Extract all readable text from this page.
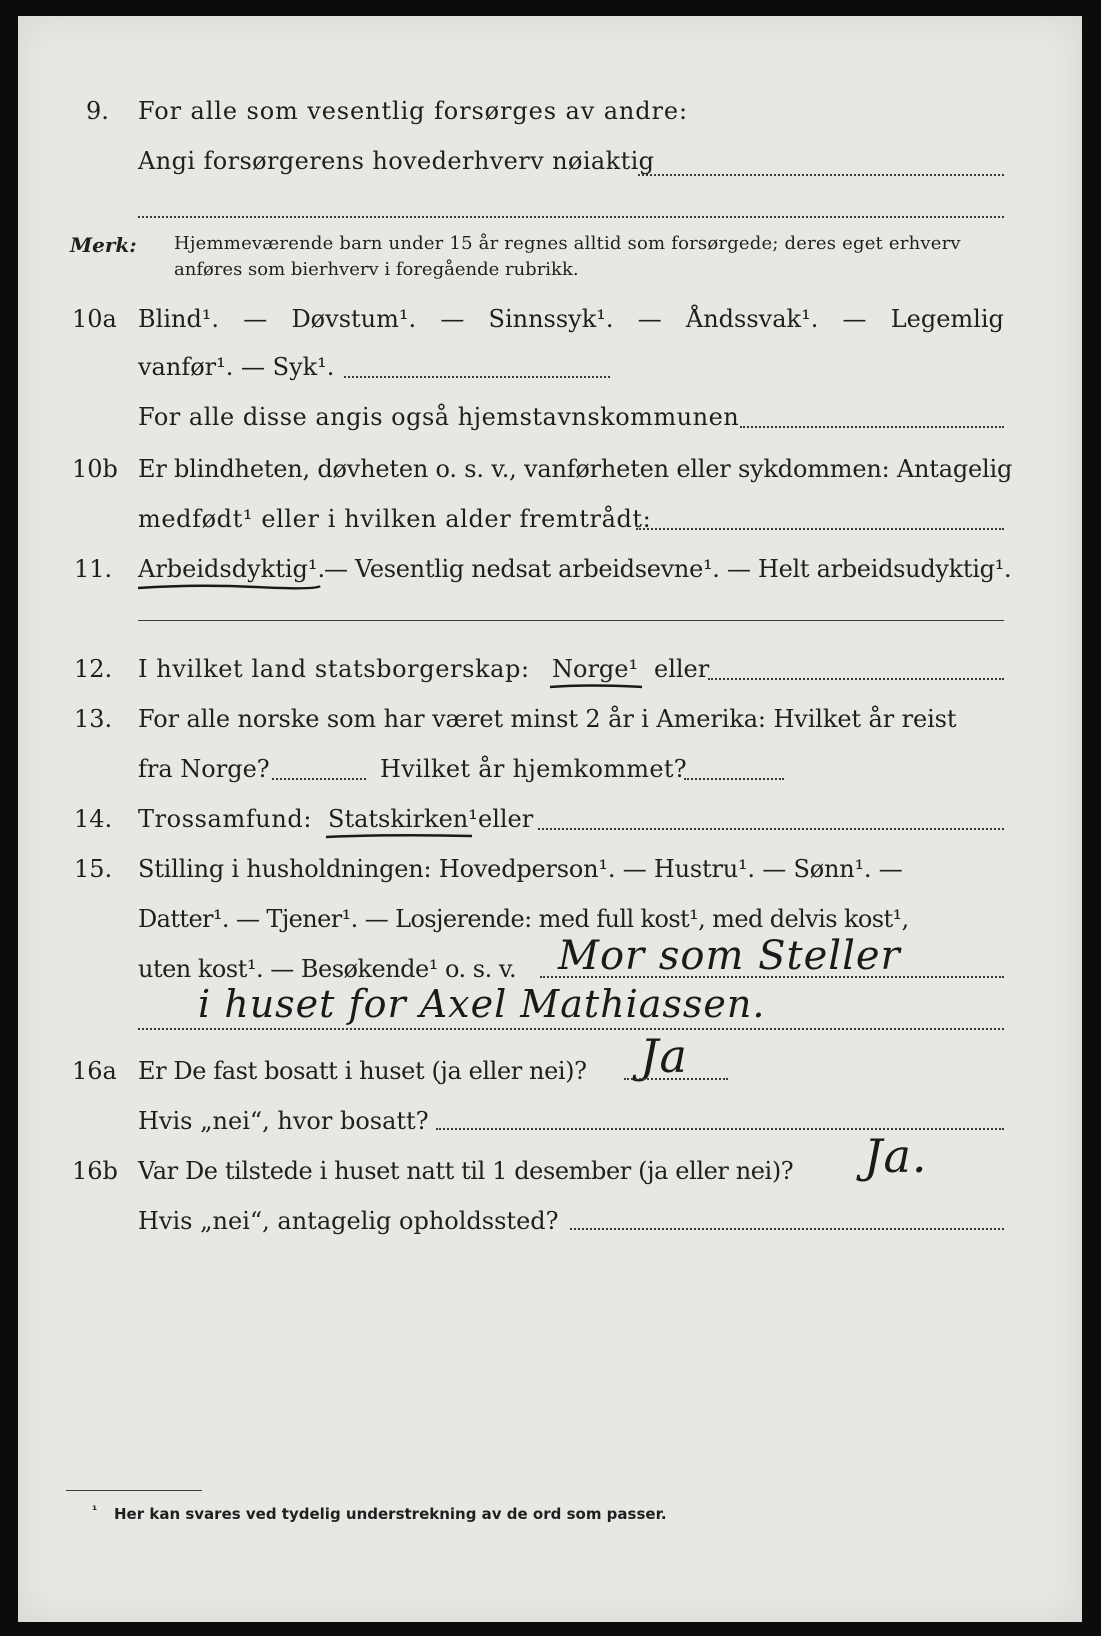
9. For alle som vesentlig forsørges av andre:
Angi forsørgerens hovederhverv nøiaktig
Merk: Hjemmeværende barn under 15 år regnes alltid som forsørgede; deres eget erhverv
anføres som bierhverv i foregående rubrikk.
10a Blind¹. — Døvstum¹. — Sinnssyk¹. — Åndssvak¹. — Legemlig
vanfør¹. — Syk¹.
For alle disse angis også hjemstavnskommunen
10b Er blindheten, døvheten o. s. v., vanførheten eller sykdommen: Antagelig
medfødt¹ eller i hvilken alder fremtrådt:
11. Arbeidsdyktig¹.
— Vesentlig nedsat arbeidsevne¹. — Helt arbeidsudyktig¹.
12. I hvilket land statsborgerskap: Norge¹ eller
13. For alle norske som har været minst 2 år i Amerika: Hvilket år reist
fra Norge?	Hvilket år hjemkommet?
14. Trossamfund: Statskirken¹ eller
15. Stilling i husholdningen: Hovedperson¹. — Hustru¹. — Sønn¹. —
Datter¹. — Tjener¹. — Losjerende: med full kost¹, med delvis kost¹,
uten kost¹. — Besøkende¹ o. s. v. Mor som Steller
i huset for Axel Mathiassen.
16a Er De fast bosatt i huset (ja eller nei)? Ja
Hvis „nei“, hvor bosatt?
16b Var De tilstede i huset natt til 1 desember (ja eller nei)? Ja.
Hvis „nei“, antagelig opholdssted?
¹ Her kan svares ved tydelig understrekning av de ord som passer.
